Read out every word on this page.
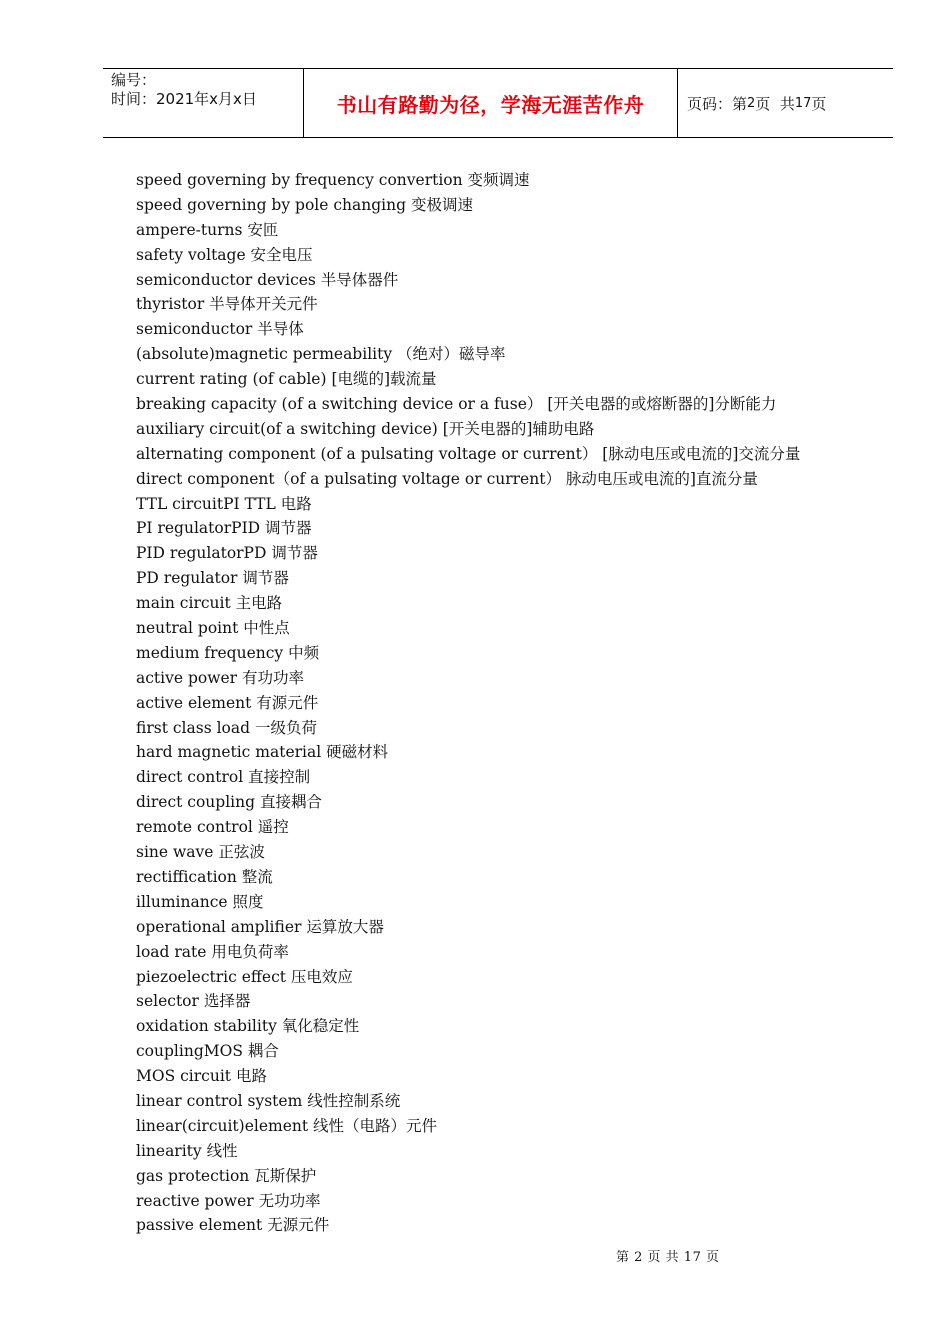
编号：
时间：2021年x月x日	书山有路勤为径，学海无涯苦作舟	页码：第 2 页  共 17 页
speed governing by frequency convertion 变频调速
speed governing by pole changing 变极调速
ampere-turns 安匝
safety voltage 安全电压
semiconductor devices 半导体器件
thyristor 半导体开关元件
semiconductor 半导体
(absolute)magnetic permeability （绝对）磁导率
current rating (of cable) [电缆的]载流量
breaking capacity (of a switching device or a fuse） [开关电器的或熔断器的]分断能力
auxiliary circuit(of a switching device) [开关电器的]辅助电路
alternating component (of a pulsating voltage or current） [脉动电压或电流的]交流分量
direct component（of a pulsating voltage or current） 脉动电压或电流的]直流分量
TTL circuitPI TTL 电路
PI regulatorPID 调节器
PID regulatorPD 调节器
PD regulator 调节器
main circuit 主电路
neutral point 中性点
medium frequency 中频
active power 有功功率
active element 有源元件
first class load 一级负荷
hard magnetic material 硬磁材料
direct control 直接控制
direct coupling 直接耦合
remote control 遥控
sine wave 正弦波
rectiffication 整流
illuminance 照度
operational amplifier 运算放大器
load rate 用电负荷率
piezoelectric effect 压电效应
selector 选择器
oxidation stability 氧化稳定性
couplingMOS 耦合
MOS circuit 电路
linear control system 线性控制系统
linear(circuit)element 线性（电路）元件
linearity 线性
gas protection 瓦斯保护
reactive power 无功功率
passive element 无源元件
第 2 页 共 17 页
